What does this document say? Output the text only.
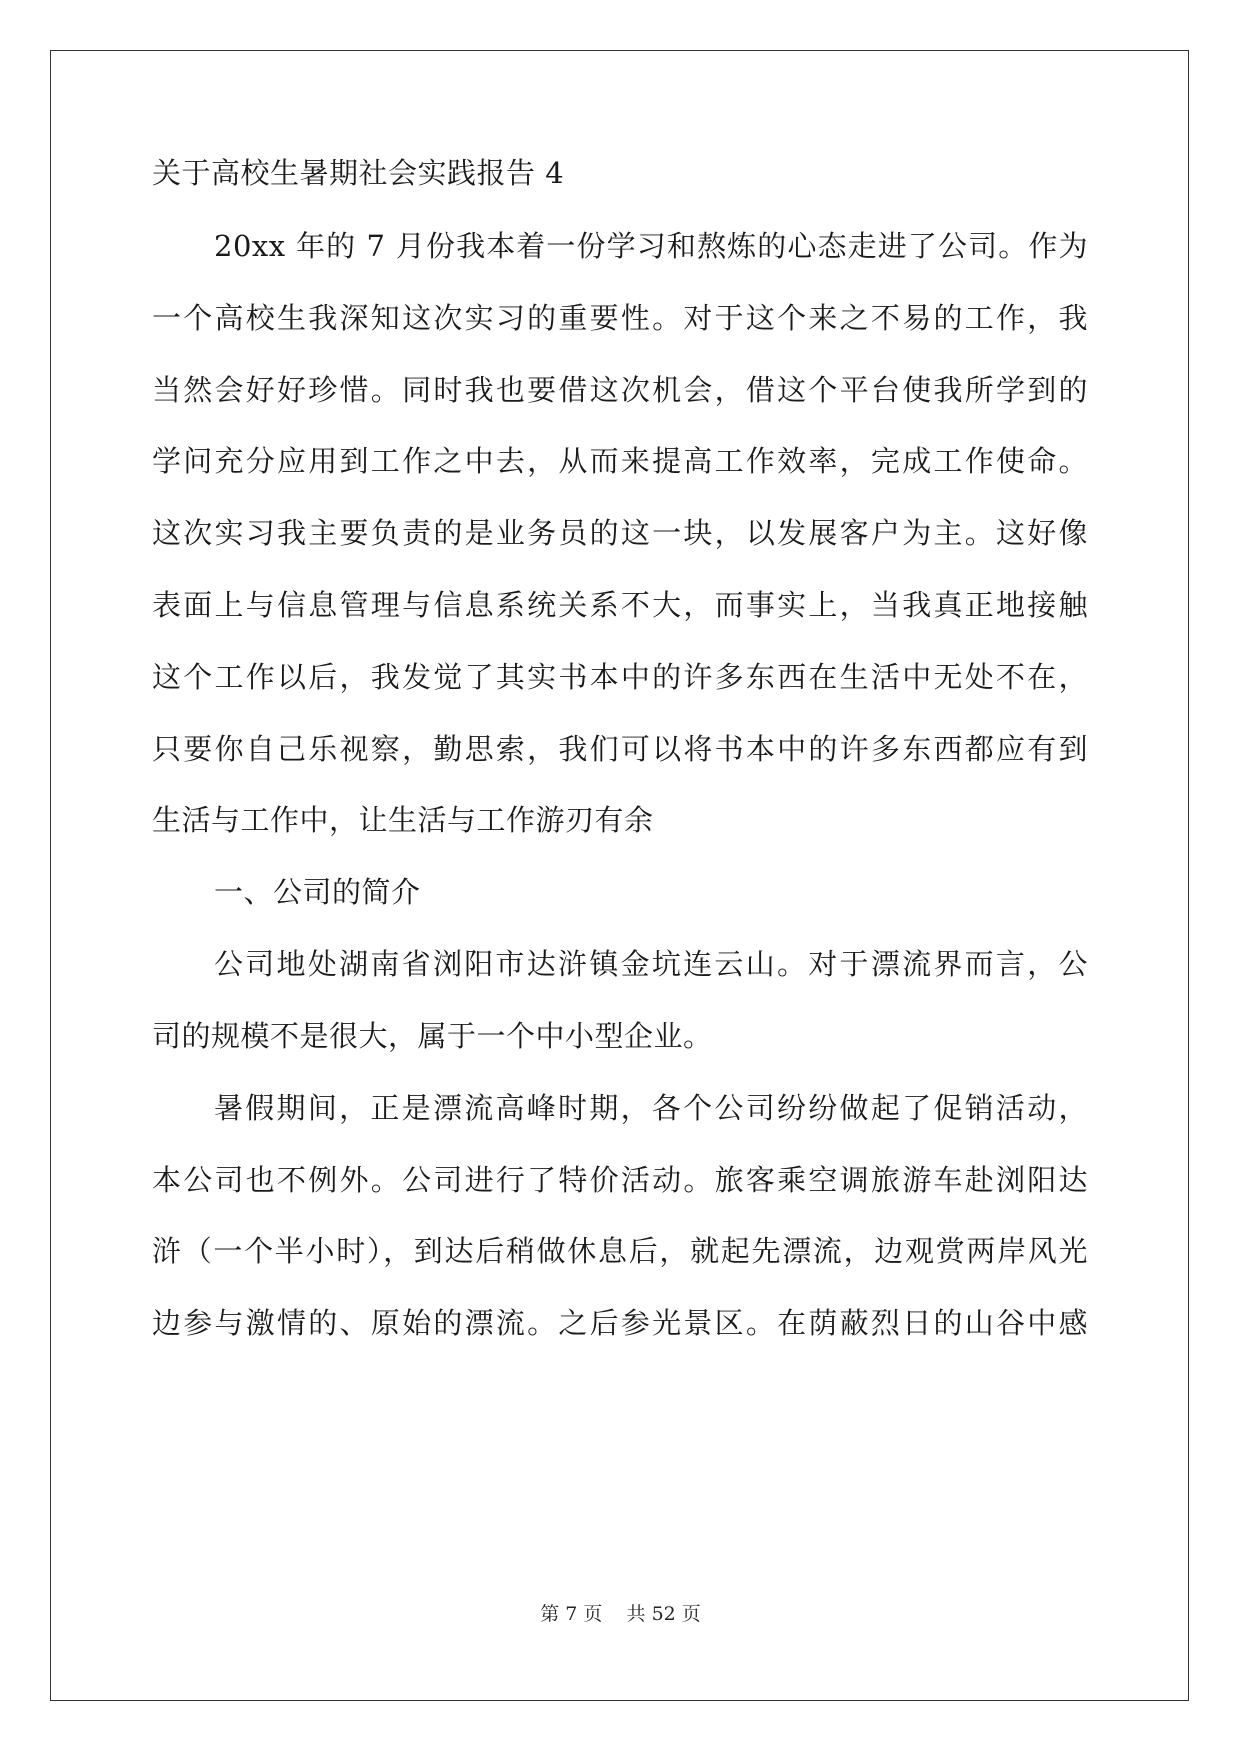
关于高校生暑期社会实践报告 4
20xx 年的 7 月份我本着一份学习和熬炼的心态走进了公司。作为
一个高校生我深知这次实习的重要性。对于这个来之不易的工作，我
当然会好好珍惜。同时我也要借这次机会，借这个平台使我所学到的
学问充分应用到工作之中去，从而来提高工作效率，完成工作使命。
这次实习我主要负责的是业务员的这一块，以发展客户为主。这好像
表面上与信息管理与信息系统关系不大，而事实上，当我真正地接触
这个工作以后，我发觉了其实书本中的许多东西在生活中无处不在，
只要你自己乐视察，勤思索，我们可以将书本中的许多东西都应有到
生活与工作中，让生活与工作游刃有余
一、公司的简介
公司地处湖南省浏阳市达浒镇金坑连云山。对于漂流界而言，公
司的规模不是很大，属于一个中小型企业。
暑假期间，正是漂流高峰时期，各个公司纷纷做起了促销活动，
本公司也不例外。公司进行了特价活动。旅客乘空调旅游车赴浏阳达
浒（一个半小时），到达后稍做休息后，就起先漂流，边观赏两岸风光
边参与激情的、原始的漂流。之后参光景区。在荫蔽烈日的山谷中感
第 7 页 共 52 页
